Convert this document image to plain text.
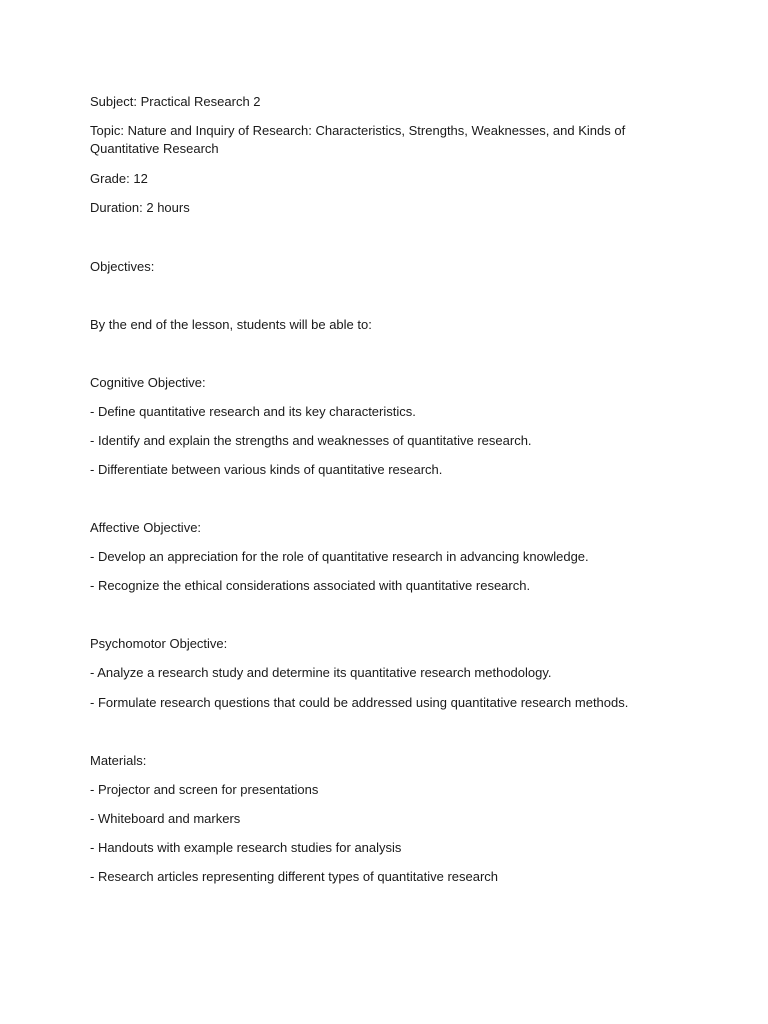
Subject: Practical Research 2
Topic: Nature and Inquiry of Research: Characteristics, Strengths, Weaknesses, and Kinds of Quantitative Research
Grade: 12
Duration: 2 hours
Objectives:
By the end of the lesson, students will be able to:
Cognitive Objective:
- Define quantitative research and its key characteristics.
- Identify and explain the strengths and weaknesses of quantitative research.
- Differentiate between various kinds of quantitative research.
Affective Objective:
- Develop an appreciation for the role of quantitative research in advancing knowledge.
- Recognize the ethical considerations associated with quantitative research.
Psychomotor Objective:
- Analyze a research study and determine its quantitative research methodology.
- Formulate research questions that could be addressed using quantitative research methods.
Materials:
- Projector and screen for presentations
- Whiteboard and markers
- Handouts with example research studies for analysis
- Research articles representing different types of quantitative research
